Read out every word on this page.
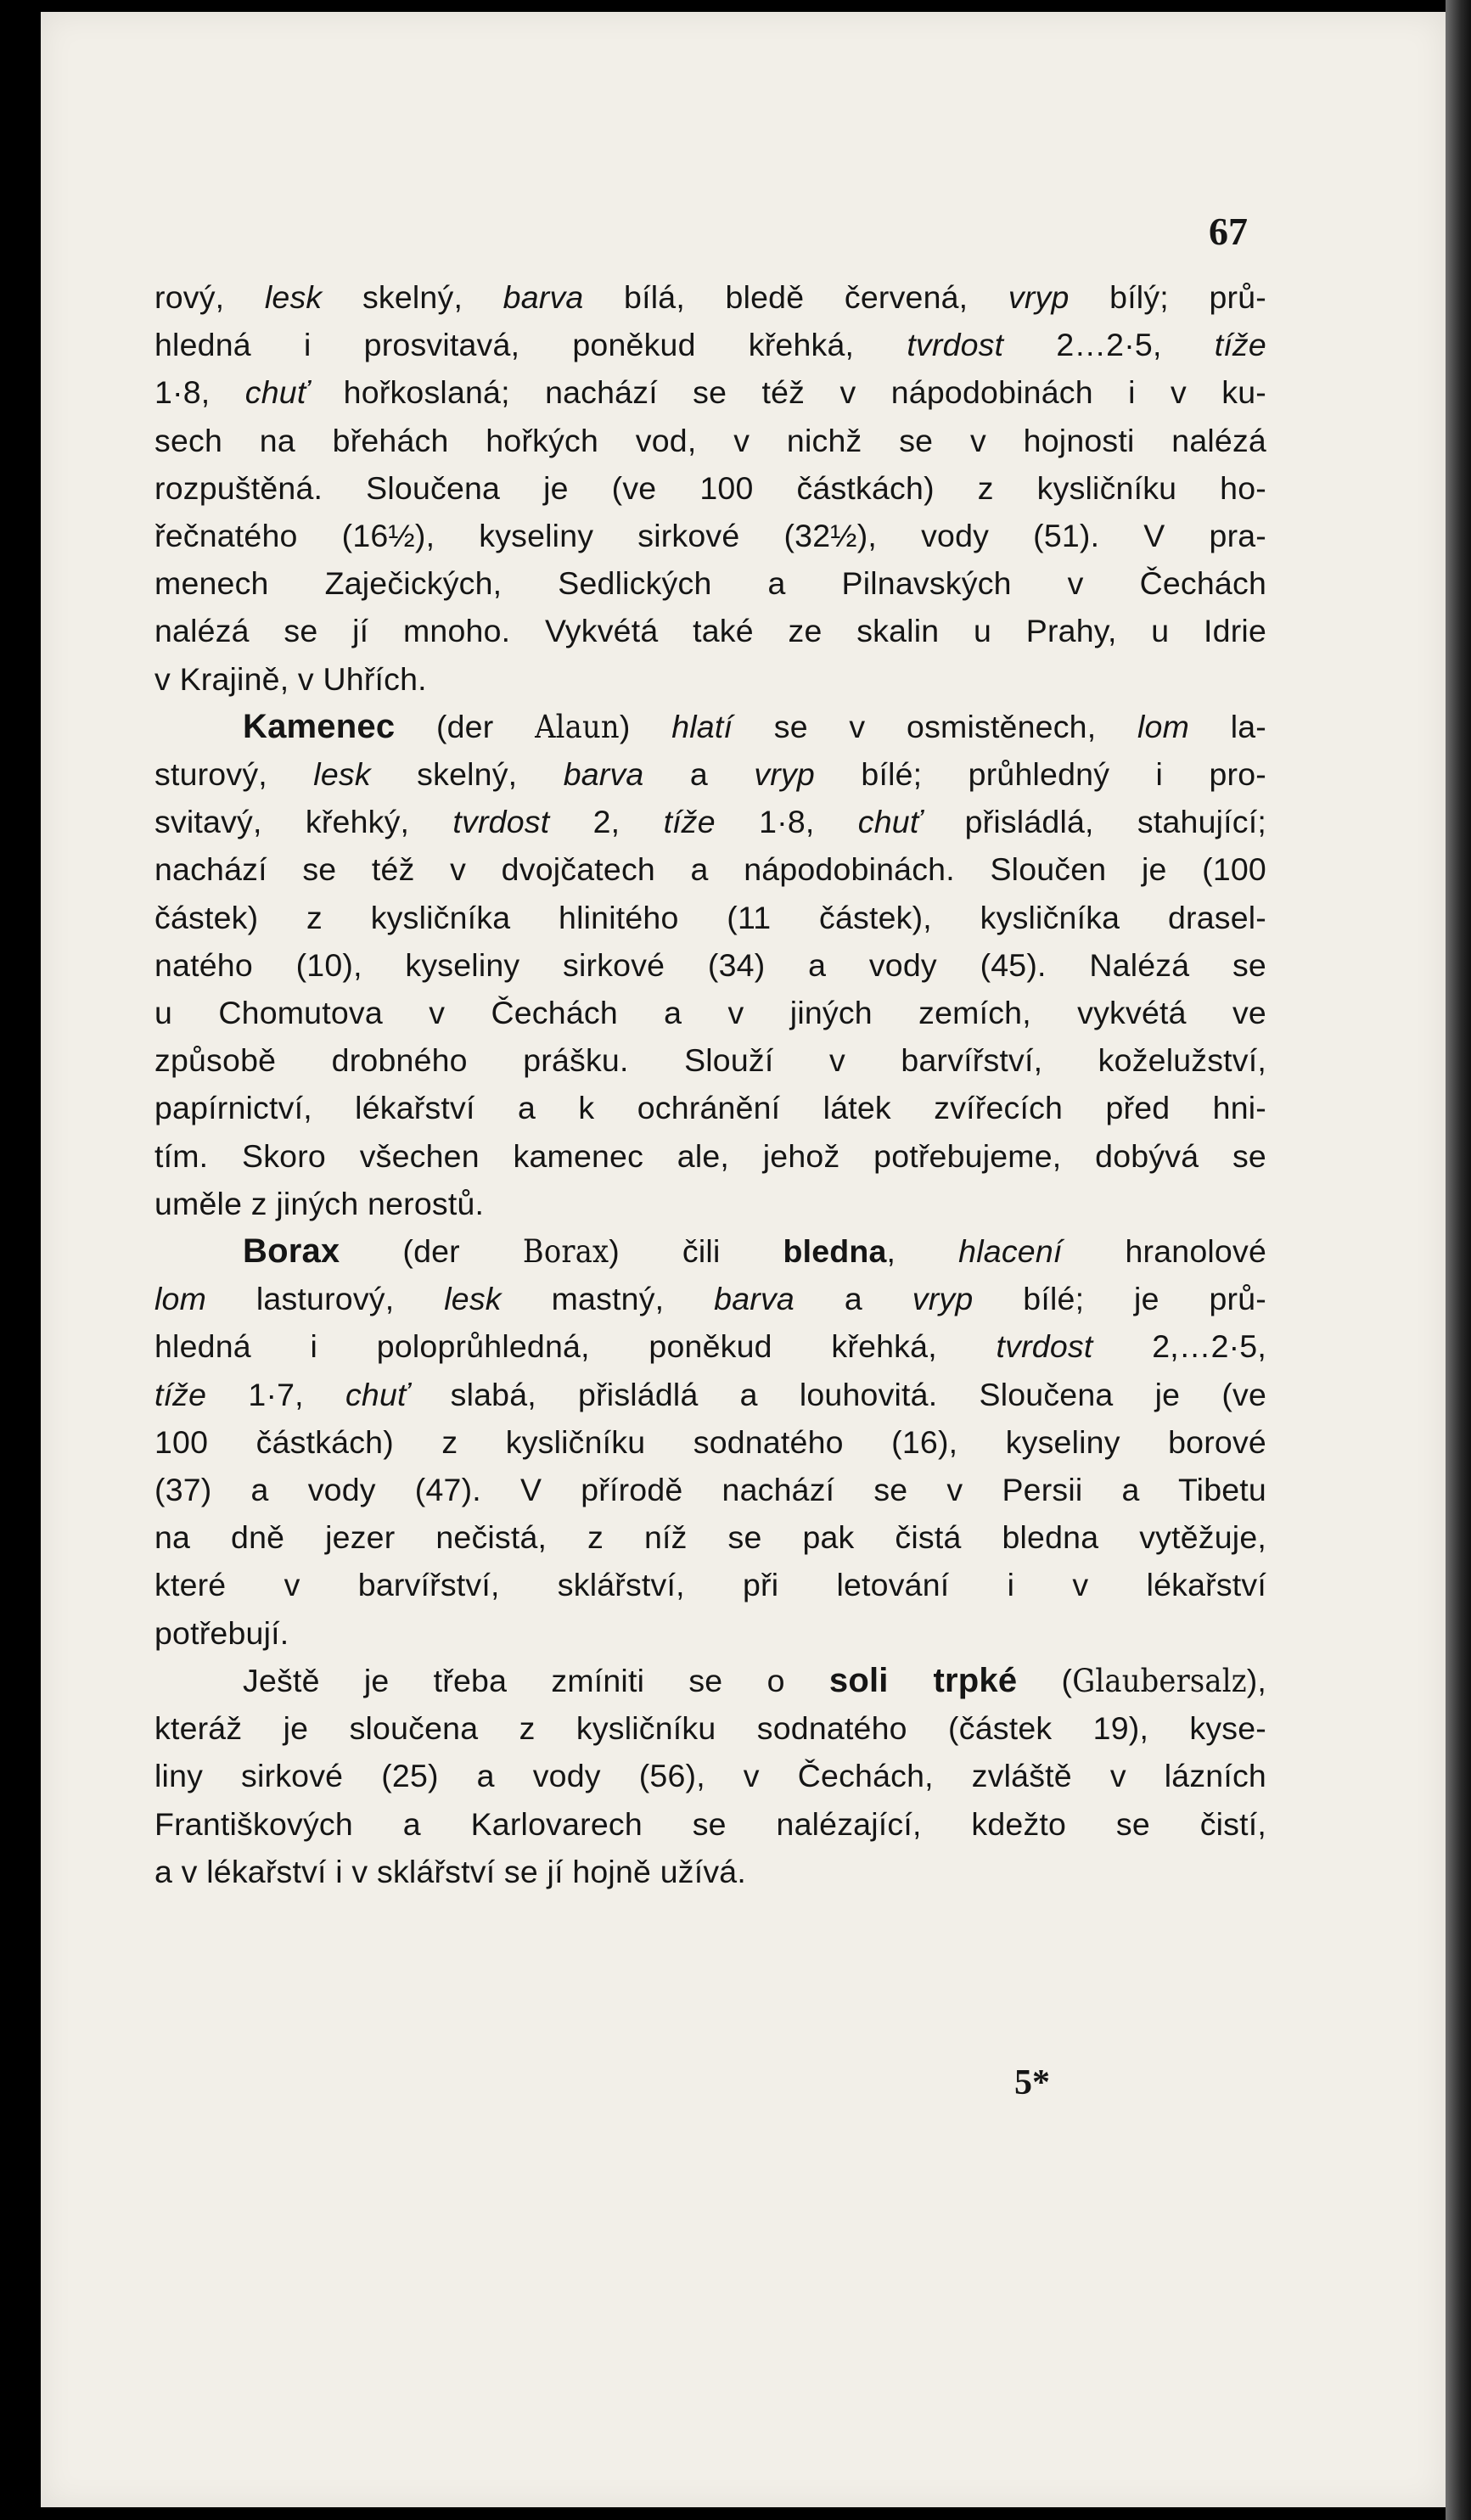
67
rový, lesk skelný, barva bílá, bledě červená, vryp bílý; prů-
hledná i prosvitavá, poněkud křehká, tvrdost 2…2·5, tíže
1·8, chuť hořkoslaná; nachází se též v nápodobinách i v ku-
sech na břehách hořkých vod, v nichž se v hojnosti nalézá
rozpuštěná. Sloučena je (ve 100 částkách) z kysličníku ho-
řečnatého (16½), kyseliny sirkové (32½), vody (51). V pra-
menech Zaječických, Sedlických a Pilnavských v Čechách
nalézá se jí mnoho. Vykvétá také ze skalin u Prahy, u Idrie
v Krajině, v Uhřích.
Kamenec (der Alaun) hlatí se v osmistěnech, lom la-
sturový, lesk skelný, barva a vryp bílé; průhledný i pro-
svitavý, křehký, tvrdost 2, tíže 1·8, chuť přisládlá, stahující;
nachází se též v dvojčatech a nápodobinách. Sloučen je (100
částek) z kysličníka hlinitého (11 částek), kysličníka drasel-
natého (10), kyseliny sirkové (34) a vody (45). Nalézá se
u Chomutova v Čechách a v jiných zemích, vykvétá ve
způsobě drobného prášku. Slouží v barvířství, koželužství,
papírnictví, lékařství a k ochránění látek zvířecích před hni-
tím. Skoro všechen kamenec ale, jehož potřebujeme, dobývá se
uměle z jiných nerostů.
Borax (der Borax) čili bledna, hlacení hranolové
lom lasturový, lesk mastný, barva a vryp bílé; je prů-
hledná i poloprůhledná, poněkud křehká, tvrdost 2,…2·5,
tíže 1·7, chuť slabá, přisládlá a louhovitá. Sloučena je (ve
100 částkách) z kysličníku sodnatého (16), kyseliny borové
(37) a vody (47). V přírodě nachází se v Persii a Tibetu
na dně jezer nečistá, z níž se pak čistá bledna vytěžuje,
které v barvířství, sklářství, při letování i v lékařství
potřebují.
Ještě je třeba zmíniti se o soli trpké (Glaubersalz),
kteráž je sloučena z kysličníku sodnatého (částek 19), kyse-
liny sirkové (25) a vody (56), v Čechách, zvláště v lázních
Františkových a Karlovarech se nalézající, kdežto se čistí,
a v lékařství i v sklářství se jí hojně užívá.
5*
